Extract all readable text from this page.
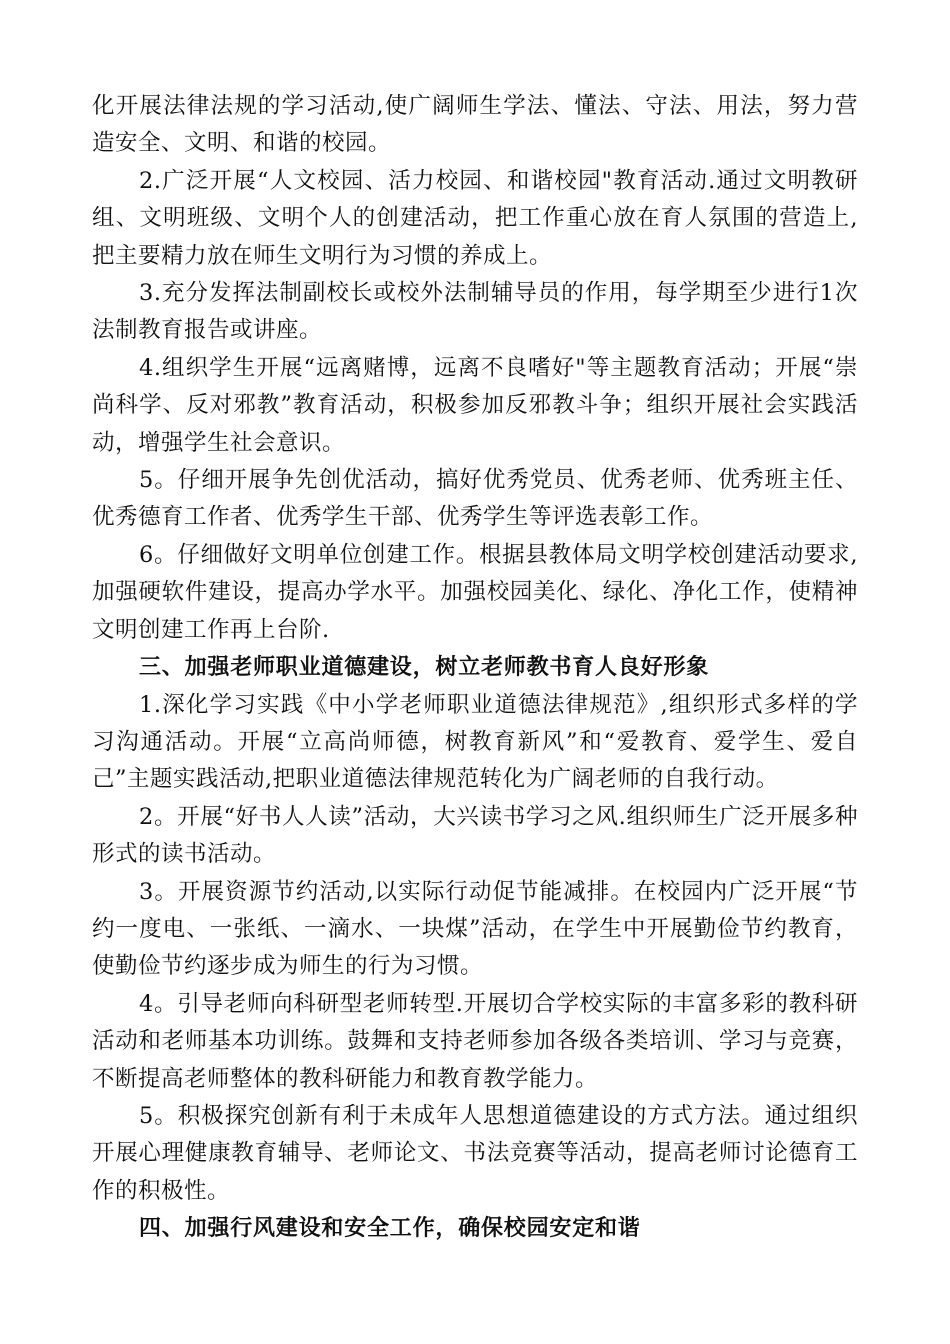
化开展法律法规的学习活动,使广阔师生学法、懂法、守法、用法，努力营造安全、文明、和谐的校园。

2.广泛开展“人文校园、活力校园、和谐校园"教育活动.通过文明教研组、文明班级、文明个人的创建活动，把工作重心放在育人氛围的营造上,把主要精力放在师生文明行为习惯的养成上。

3.充分发挥法制副校长或校外法制辅导员的作用，每学期至少进行1次法制教育报告或讲座。

4.组织学生开展“远离赌博，远离不良嗜好"等主题教育活动；开展“崇尚科学、反对邪教”教育活动，积极参加反邪教斗争；组织开展社会实践活动，增强学生社会意识。

5。仔细开展争先创优活动，搞好优秀党员、优秀老师、优秀班主任、优秀德育工作者、优秀学生干部、优秀学生等评选表彰工作。

6。仔细做好文明单位创建工作。根据县教体局文明学校创建活动要求,加强硬软件建设，提高办学水平。加强校园美化、绿化、净化工作，使精神文明创建工作再上台阶.

三、加强老师职业道德建设，树立老师教书育人良好形象

1.深化学习实践《中小学老师职业道德法律规范》,组织形式多样的学习沟通活动。开展“立高尚师德，树教育新风”和“爱教育、爱学生、爱自己”主题实践活动,把职业道德法律规范转化为广阔老师的自我行动。

2。开展“好书人人读”活动，大兴读书学习之风.组织师生广泛开展多种形式的读书活动。

3。开展资源节约活动,以实际行动促节能减排。在校园内广泛开展“节约一度电、一张纸、一滴水、一块煤”活动，在学生中开展勤俭节约教育，使勤俭节约逐步成为师生的行为习惯。

4。引导老师向科研型老师转型.开展切合学校实际的丰富多彩的教科研活动和老师基本功训练。鼓舞和支持老师参加各级各类培训、学习与竞赛，不断提高老师整体的教科研能力和教育教学能力。

5。积极探究创新有利于未成年人思想道德建设的方式方法。通过组织开展心理健康教育辅导、老师论文、书法竞赛等活动，提高老师讨论德育工作的积极性。

四、加强行风建设和安全工作，确保校园安定和谐
